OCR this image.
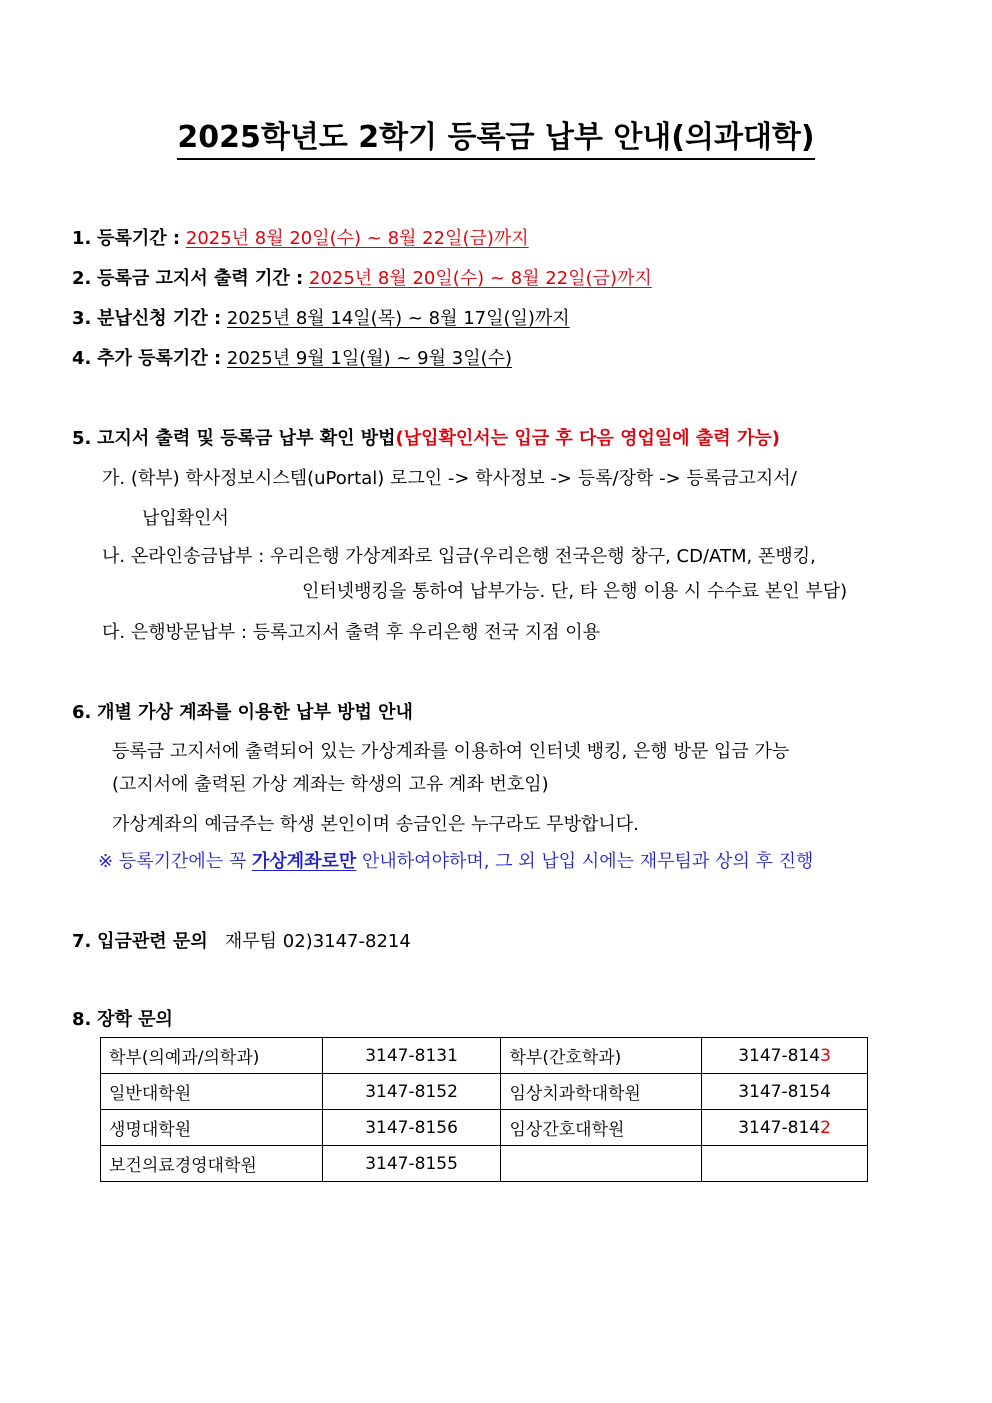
2025학년도 2학기 등록금 납부 안내(의과대학)
1. 등록기간 : 2025년 8월 20일(수) ~ 8월 22일(금)까지
2. 등록금 고지서 출력 기간 : 2025년 8월 20일(수) ~ 8월 22일(금)까지
3. 분납신청 기간 : 2025년 8월 14일(목) ~ 8월 17일(일)까지
4. 추가 등록기간 : 2025년 9월 1일(월) ~ 9월 3일(수)
5. 고지서 출력 및 등록금 납부 확인 방법(납입확인서는 입금 후 다음 영업일에 출력 가능)
가. (학부) 학사정보시스템(uPortal) 로그인 -> 학사정보 -> 등록/장학 -> 등록금고지서/
납입확인서
나. 온라인송금납부 : 우리은행 가상계좌로 입금(우리은행 전국은행 창구, CD/ATM, 폰뱅킹,
인터넷뱅킹을 통하여 납부가능. 단, 타 은행 이용 시 수수료 본인 부담)
다. 은행방문납부 : 등록고지서 출력 후 우리은행 전국 지점 이용
6. 개별 가상 계좌를 이용한 납부 방법 안내
등록금 고지서에 출력되어 있는 가상계좌를 이용하여 인터넷 뱅킹, 은행 방문 입금 가능
(고지서에 출력된 가상 계좌는 학생의 고유 계좌 번호임)
가상계좌의 예금주는 학생 본인이며 송금인은 누구라도 무방합니다.
※ 등록기간에는 꼭 가상계좌로만 안내하여야하며, 그 외 납입 시에는 재무팀과 상의 후 진행
7. 입금관련 문의 재무팀 02)3147-8214
8. 장학 문의
학부(의예과/의학과)	3147-8131	학부(간호학과)	3147-8143
일반대학원	3147-8152	임상치과학대학원	3147-8154
생명대학원	3147-8156	임상간호대학원	3147-8142
보건의료경영대학원	3147-8155		
